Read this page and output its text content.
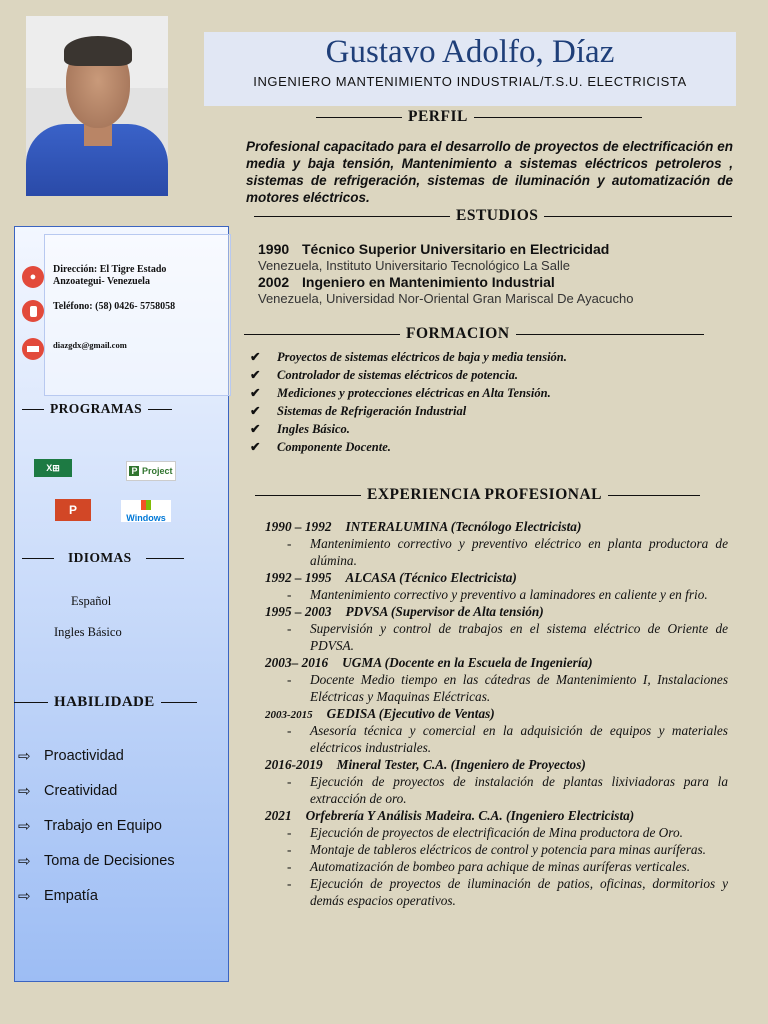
Gustavo Adolfo, Díaz
INGENIERO MANTENIMIENTO INDUSTRIAL/T.S.U. ELECTRICISTA
PERFIL
Profesional capacitado para el desarrollo de proyectos de electrificación en media y baja tensión, Mantenimiento a sistemas eléctricos petroleros , sistemas de refrigeración, sistemas de iluminación y automatización de motores eléctricos.
ESTUDIOS
1990 Técnico Superior Universitario en Electricidad
Venezuela, Instituto Universitario Tecnológico La Salle
2002 Ingeniero en Mantenimiento Industrial
Venezuela, Universidad Nor-Oriental Gran Mariscal De Ayacucho
FORMACION
✔ Proyectos de sistemas eléctricos de baja y media tensión.
✔ Controlador de sistemas eléctricos de potencia.
✔ Mediciones y protecciones eléctricas en Alta Tensión.
✔ Sistemas de Refrigeración Industrial
✔ Ingles Básico.
✔ Componente Docente.
EXPERIENCIA PROFESIONAL
1990 – 1992 INTERALUMINA (Tecnólogo Electricista)
- Mantenimiento correctivo y preventivo eléctrico en planta productora de alúmina.
1992 – 1995 ALCASA (Técnico Electricista)
- Mantenimiento correctivo y preventivo a laminadores en caliente y en frio.
1995 – 2003 PDVSA (Supervisor de Alta tensión)
- Supervisión y control de trabajos en el sistema eléctrico de Oriente de PDVSA.
2003– 2016 UGMA (Docente en la Escuela de Ingeniería)
- Docente Medio tiempo en las cátedras de Mantenimiento I, Instalaciones Eléctricas y Maquinas Eléctricas.
2003-2015 GEDISA (Ejecutivo de Ventas)
- Asesoría técnica y comercial en la adquisición de equipos y materiales eléctricos industriales.
2016-2019 Mineral Tester, C.A. (Ingeniero de Proyectos)
- Ejecución de proyectos de instalación de plantas lixiviadoras para la extracción de oro.
2021 Orfebrería Y Análisis Madeira. C.A. (Ingeniero Electricista)
- Ejecución de proyectos de electrificación de Mina productora de Oro.
- Montaje de tableros eléctricos de control y potencia para minas auríferas.
- Automatización de bombeo para achique de minas auríferas verticales.
- Ejecución de proyectos de iluminación de patios, oficinas, dormitorios y demás espacios operativos.
●
Dirección: El Tigre Estado Anzoategui- Venezuela
Teléfono: (58) 0426- 5758058
diazgdx@gmail.com
PROGRAMAS
X⊞	P Project
P

Windows
IDIOMAS
Español
Ingles Básico
HABILIDADE
⇨ Proactividad
⇨ Creatividad
⇨ Trabajo en Equipo
⇨ Toma de Decisiones
⇨ Empatía
